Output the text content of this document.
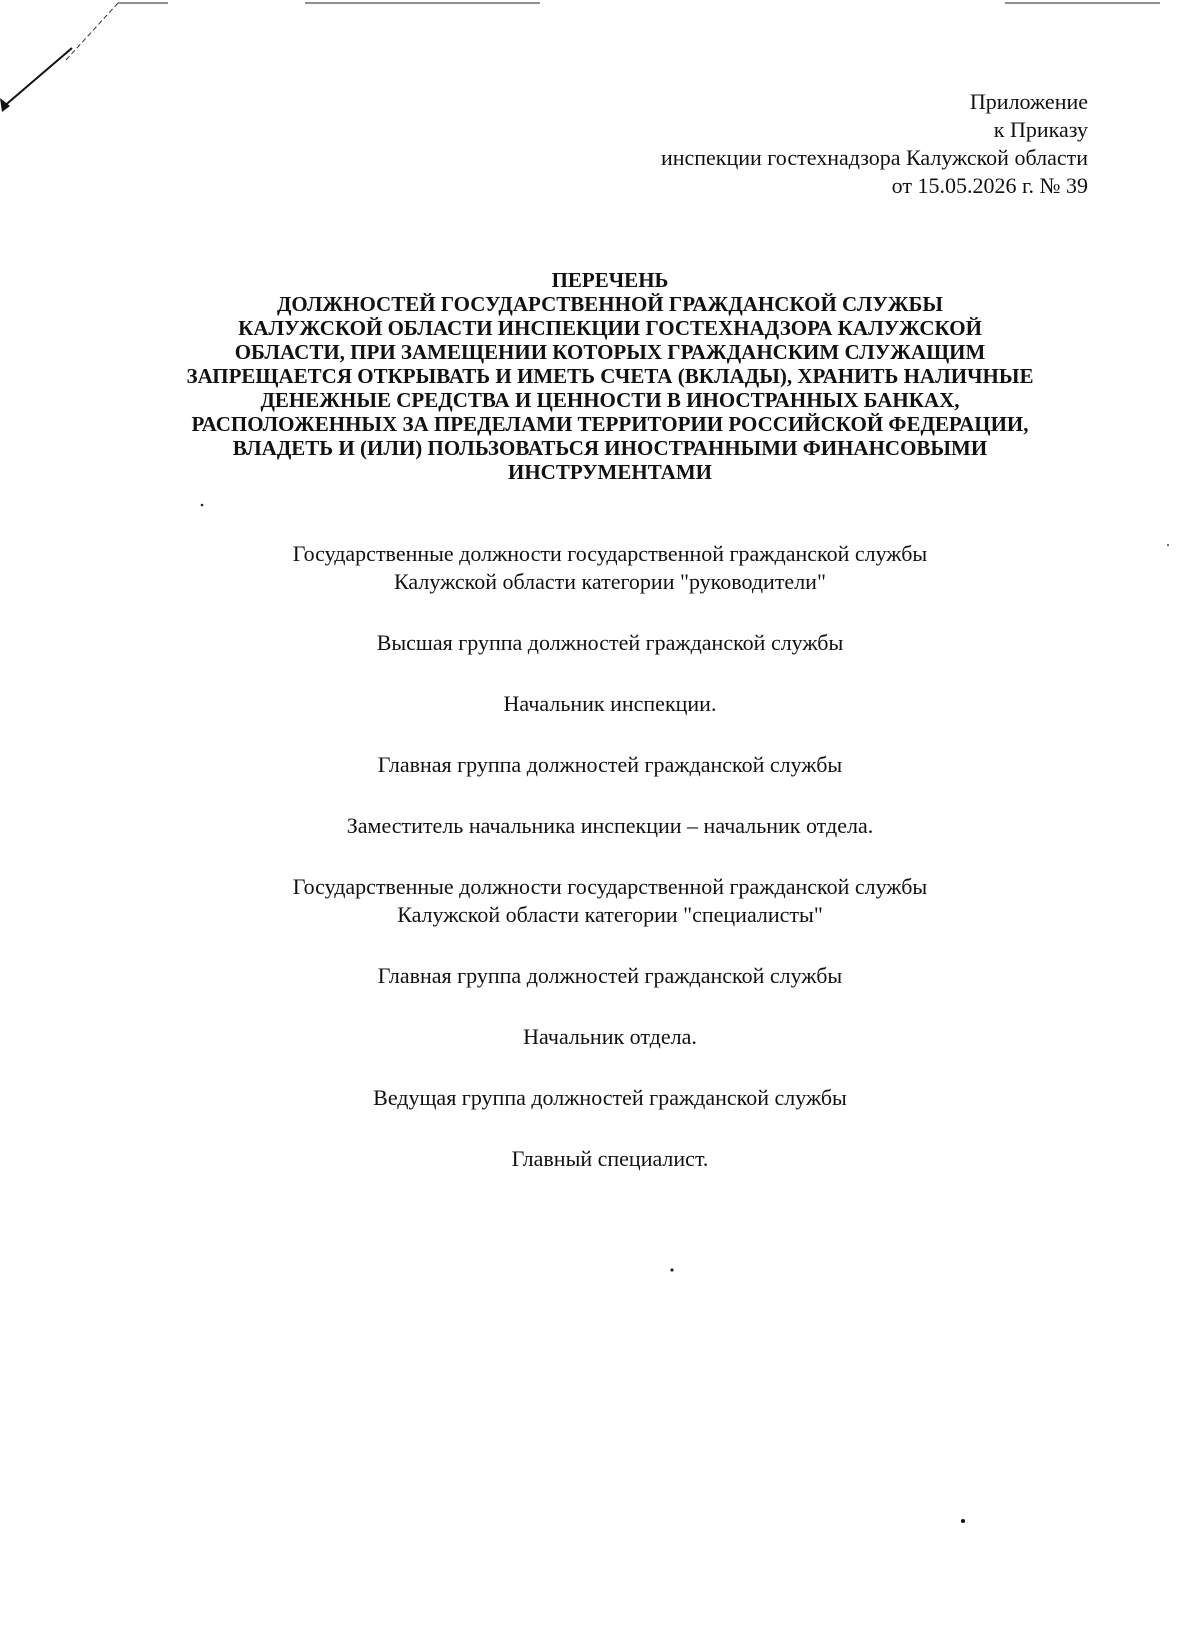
Приложение
к Приказу
инспекции гостехнадзора Калужской области
от 15.05.2026 г. № 39
ПЕРЕЧЕНЬ
ДОЛЖНОСТЕЙ ГОСУДАРСТВЕННОЙ ГРАЖДАНСКОЙ СЛУЖБЫ
КАЛУЖСКОЙ ОБЛАСТИ ИНСПЕКЦИИ ГОСТЕХНАДЗОРА КАЛУЖСКОЙ
ОБЛАСТИ, ПРИ ЗАМЕЩЕНИИ КОТОРЫХ ГРАЖДАНСКИМ СЛУЖАЩИМ
ЗАПРЕЩАЕТСЯ ОТКРЫВАТЬ И ИМЕТЬ СЧЕТА (ВКЛАДЫ), ХРАНИТЬ НАЛИЧНЫЕ
ДЕНЕЖНЫЕ СРЕДСТВА И ЦЕННОСТИ В ИНОСТРАННЫХ БАНКАХ,
РАСПОЛОЖЕННЫХ ЗА ПРЕДЕЛАМИ ТЕРРИТОРИИ РОССИЙСКОЙ ФЕДЕРАЦИИ,
ВЛАДЕТЬ И (ИЛИ) ПОЛЬЗОВАТЬСЯ ИНОСТРАННЫМИ ФИНАНСОВЫМИ
ИНСТРУМЕНТАМИ
Государственные должности государственной гражданской службы
Калужской области категории "руководители"
Высшая группа должностей гражданской службы
Начальник инспекции.
Главная группа должностей гражданской службы
Заместитель начальника инспекции – начальник отдела.
Государственные должности государственной гражданской службы
Калужской области категории "специалисты"
Главная группа должностей гражданской службы
Начальник отдела.
Ведущая группа должностей гражданской службы
Главный специалист.
